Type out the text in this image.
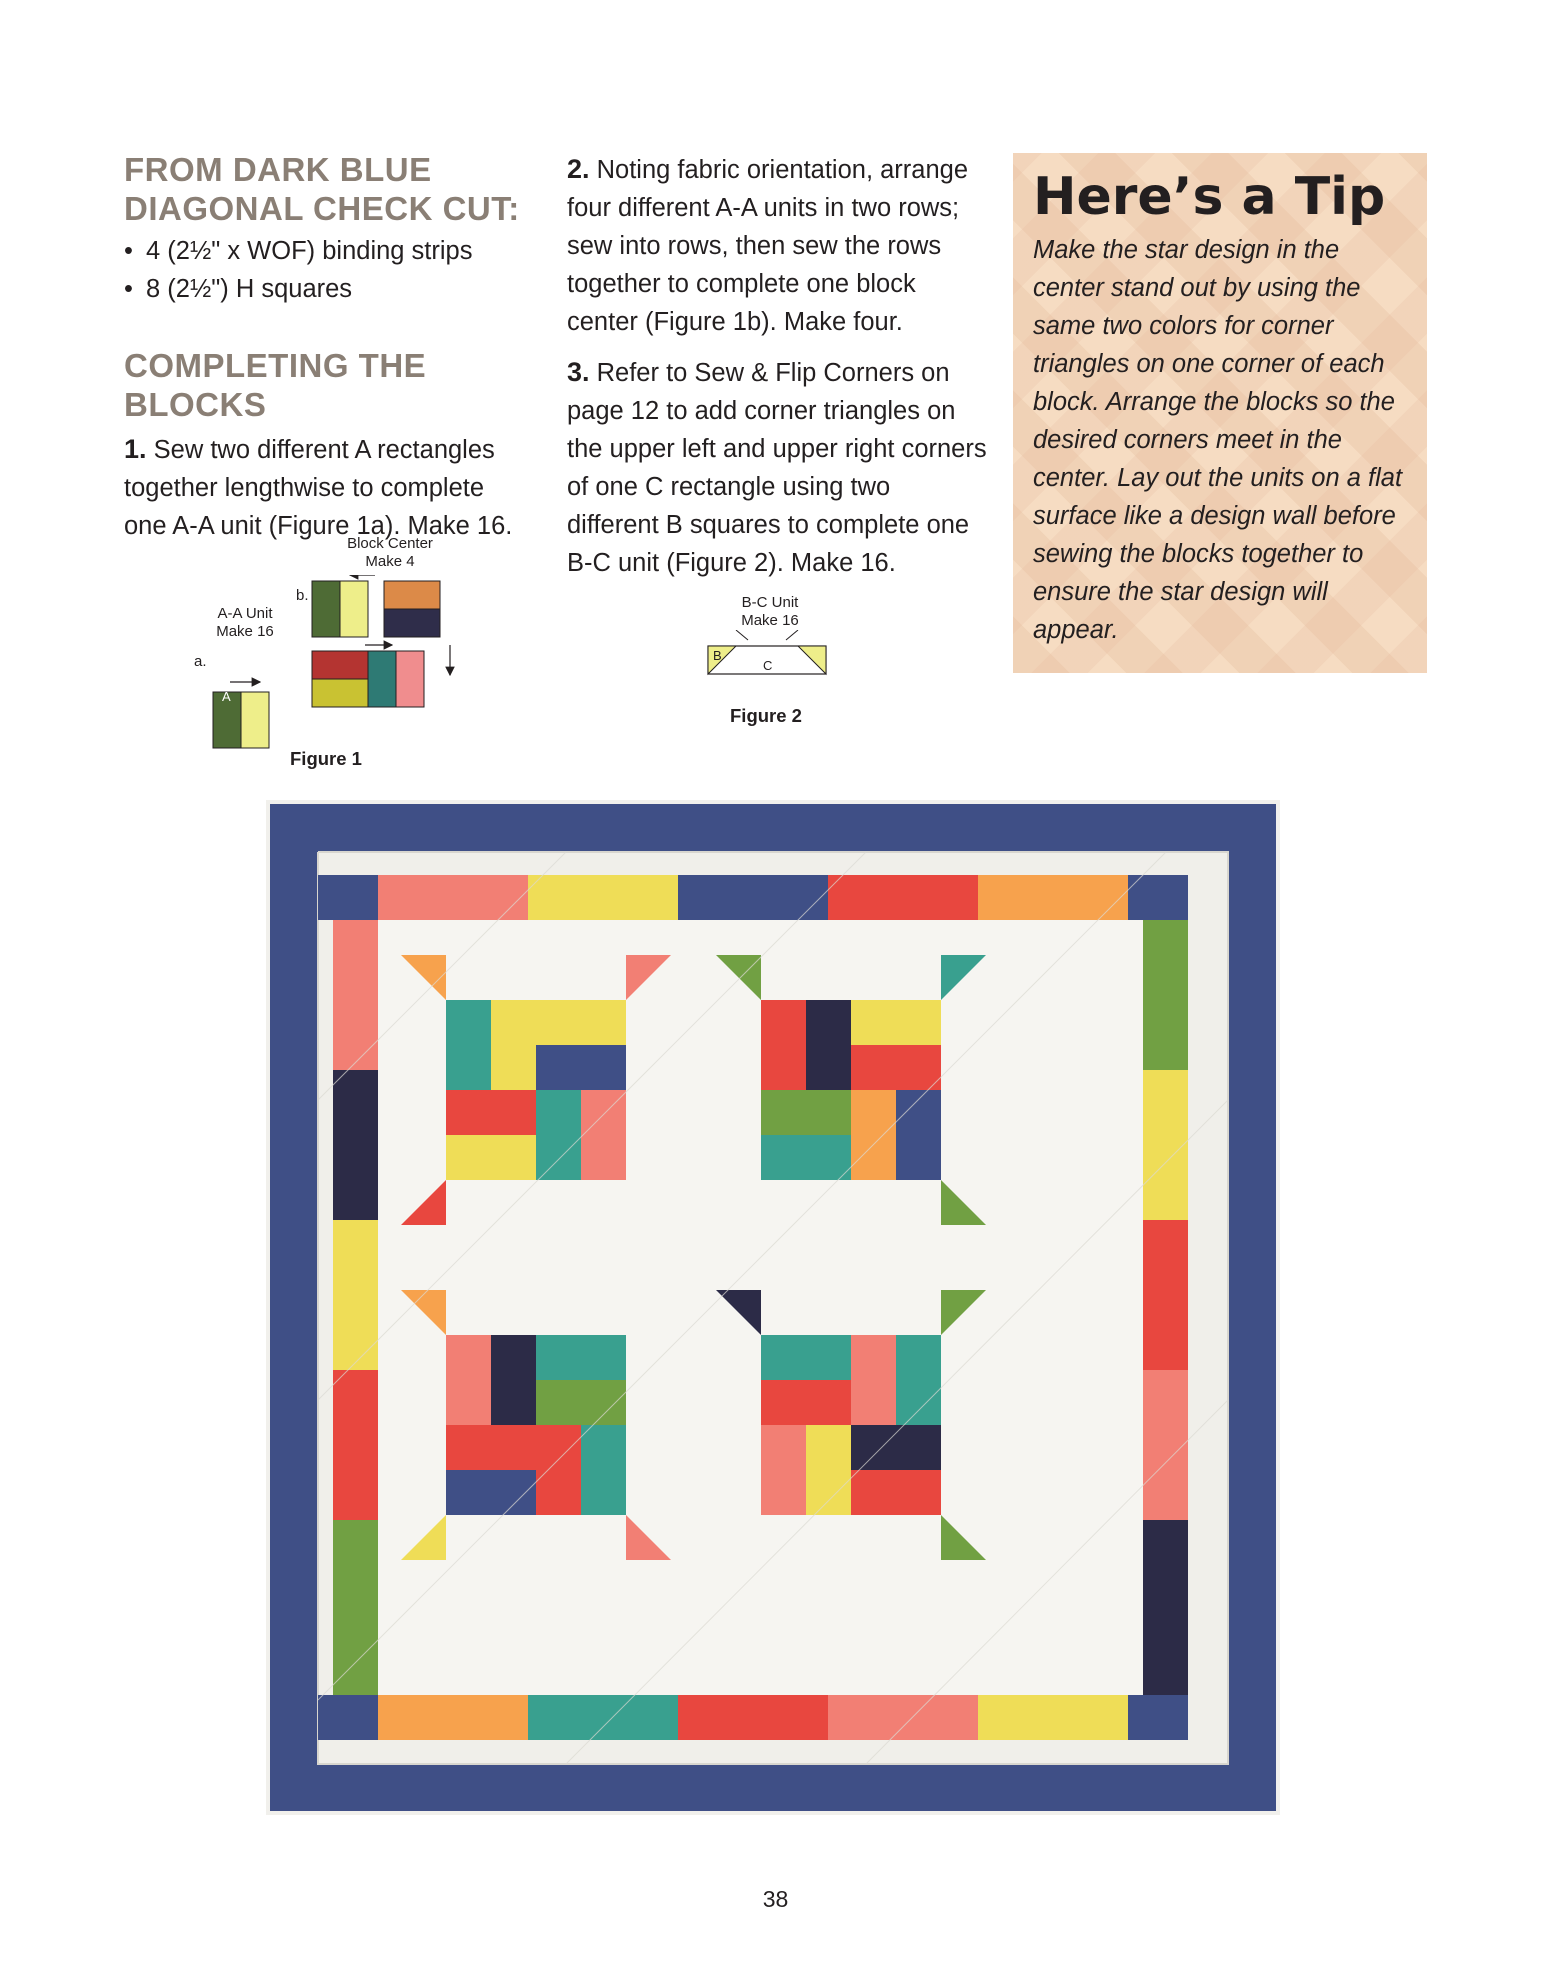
FROM DARK BLUE DIAGONAL CHECK CUT:
• 4 (2½" x WOF) binding strips
• 8 (2½") H squares
COMPLETING THE BLOCKS

1. Sew two different A rectangles together lengthwise to complete one A-A unit (Figure 1a). Make 16.

2. Noting fabric orientation, arrange four different A-A units in two rows; sew into rows, then sew the rows together to complete one block center (Figure 1b). Make four.

3. Refer to Sew & Flip Corners on page 12 to add corner triangles on the upper left and upper right corners of one C rectangle using two different B squares to complete one B-C unit (Figure 2). Make 16.

Here’s a Tip

Make the star design in the center stand out by using the same two colors for corner triangles on one corner of each block. Arrange the blocks so the desired corners meet in the center. Lay out the units on a flat surface like a design wall before sewing the blocks together to ensure the star design will appear.

Block Center
Make 4
A-A Unit
Make 16
b.
a.
A
Figure 1
B-C Unit
Make 16
B
C
Figure 2
38
